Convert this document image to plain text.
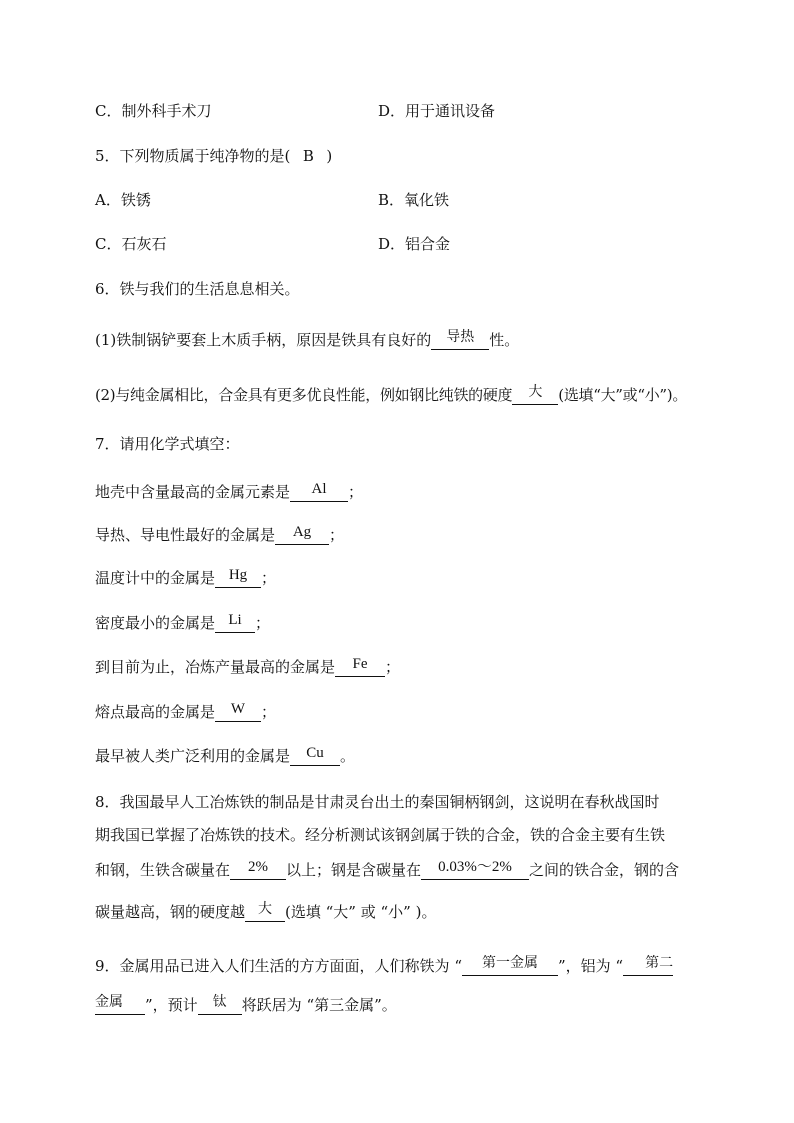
C．制外科手术刀	D．用于通讯设备
5．下列物质属于纯净物的是( B )
A．铁锈	B．氧化铁
C．石灰石	D．铝合金
6．铁与我们的生活息息相关。
(1)铁制锅铲要套上木质手柄，原因是铁具有良好的 导热 性。
(2)与纯金属相比，合金具有更多优良性能，例如钢比纯铁的硬度 大 (选填“大”或“小”)。
7．请用化学式填空：
地壳中含量最高的金属元素是 Al ；
导热、导电性最好的金属是 Ag ；
温度计中的金属是 Hg ；
密度最小的金属是 Li ；
到目前为止，冶炼产量最高的金属是 Fe ；
熔点最高的金属是 W ；
最早被人类广泛利用的金属是 Cu 。
8．我国最早人工冶炼铁的制品是甘肃灵台出土的秦国铜柄钢剑，这说明在春秋战国时
期我国已掌握了冶炼铁的技术。经分析测试该钢剑属于铁的合金，铁的合金主要有生铁
和钢，生铁含碳量在 2% 以上；钢是含碳量在 0.03%～2% 之间的铁合金，钢的含
碳量越高，钢的硬度越 大 (选填 “大” 或 “小” )。
9．金属用品已进入人们生活的方方面面，人们称铁为 “ 第一金属 ”，铝为 “ 第二
金属 ”，预计 钛 将跃居为 “第三金属”。
